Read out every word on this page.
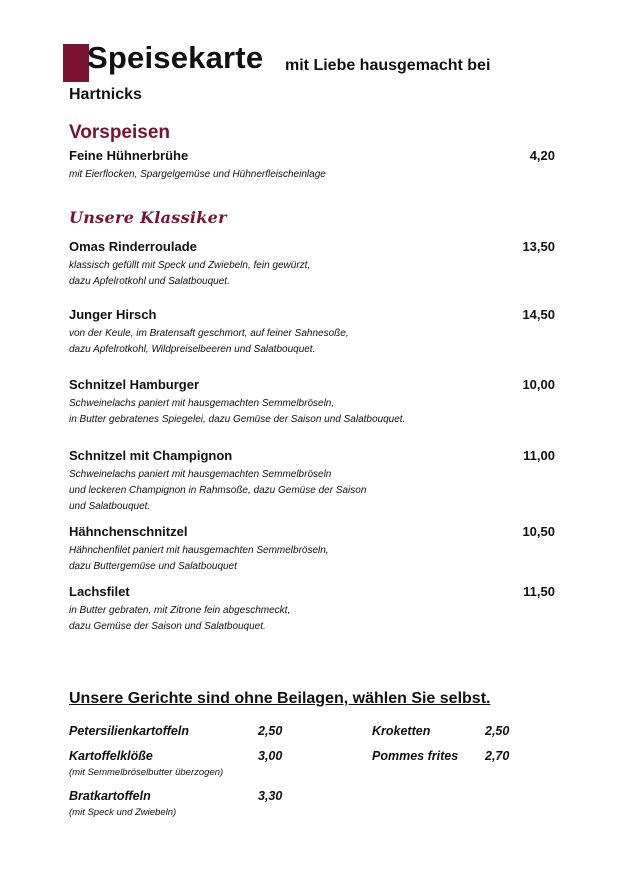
Speisekarte mit Liebe hausgemacht bei
Hartnicks
Vorspeisen
Feine Hühnerbrühe	4,20
mit Eierflocken, Spargelgemüse und Hühnerfleischeinlage
Unsere Klassiker
Omas Rinderroulade	13,50
klassisch gefüllt mit Speck und Zwiebeln, fein gewürzt,
dazu Apfelrotkohl und Salatbouquet.
Junger Hirsch	14,50
von der Keule, im Bratensaft geschmort, auf feiner Sahnesoße,
dazu Apfelrotkohl, Wildpreiselbeeren und Salatbouquet.
Schnitzel Hamburger	10,00
Schweinelachs paniert mit hausgemachten Semmelbröseln,
in Butter gebratenes Spiegelei, dazu Gemüse der Saison und Salatbouquet.
Schnitzel mit Champignon	11,00
Schweinelachs paniert mit hausgemachten Semmelbröseln
und leckeren Champignon in Rahmsoße, dazu Gemüse der Saison
und Salatbouquet.
Hähnchenschnitzel	10,50
Hähnchenfilet paniert mit hausgemachten Semmelbröseln,
dazu Buttergemüse und Salatbouquet
Lachsfilet	11,50
in Butter gebraten, mit Zitrone fein abgeschmeckt,
dazu Gemüse der Saison und Salatbouquet.
Unsere Gerichte sind ohne Beilagen, wählen Sie selbst.
Petersilienkartoffeln	2,50
Kartoffelklöße	3,00
(mit Semmelbröselbutter überzogen)
Bratkartoffeln	3,30
(mit Speck und Zwiebeln)
Kroketten	2,50
Pommes frites 2,70
